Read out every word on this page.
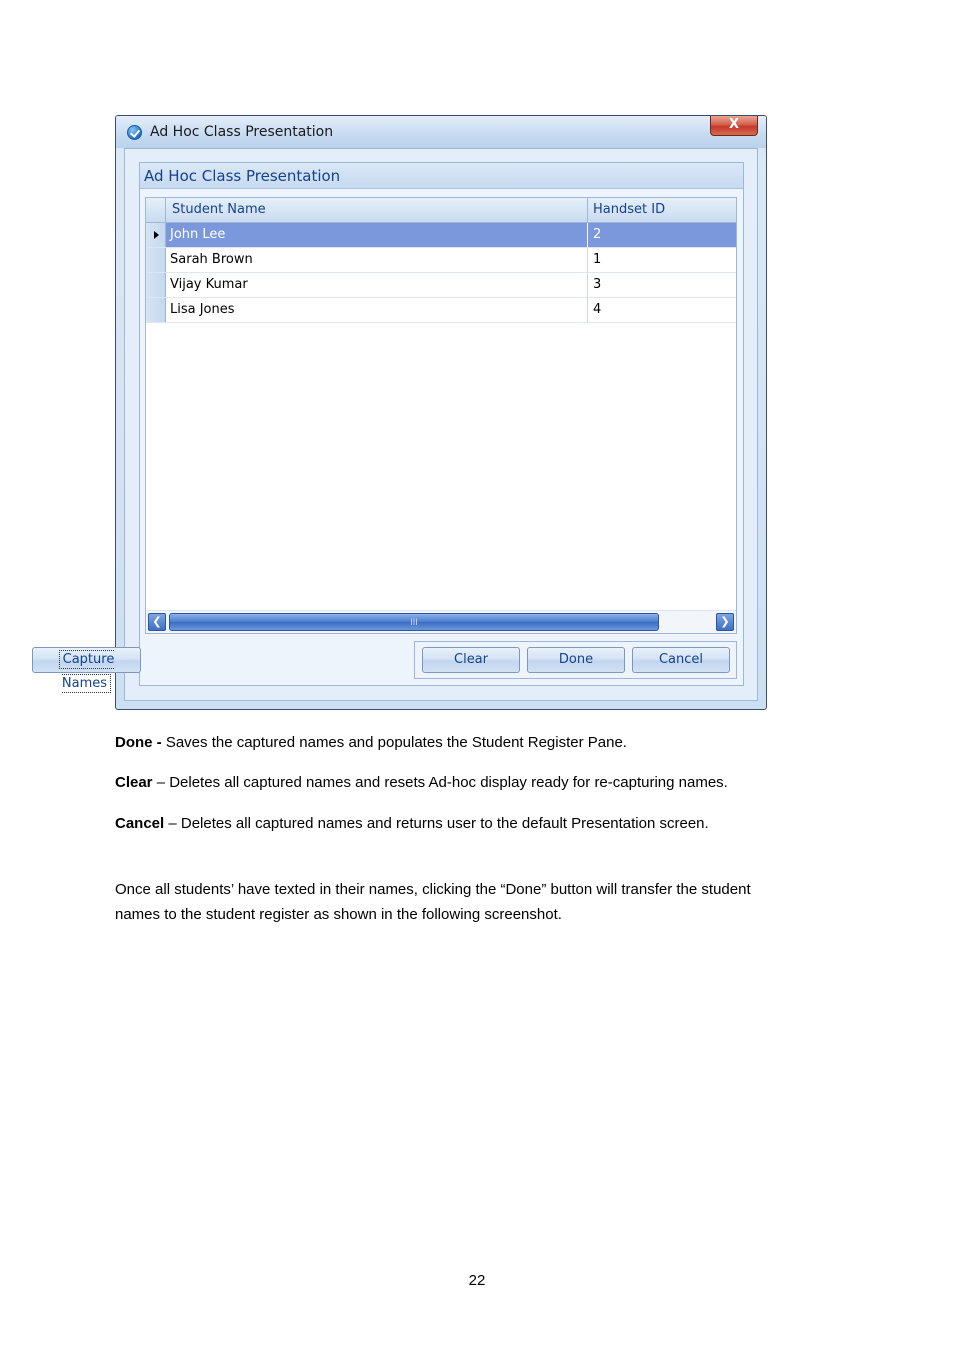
Ad Hoc Class Presentation	X
Ad Hoc Class Presentation
Student Name	Handset ID
John Lee	2
Sarah Brown	1
Vijay Kumar	3
Lisa Jones	4
❮	III	❯
Capture Names
Clear	Done	Cancel
Done - Saves the captured names and populates the Student Register Pane.
Clear – Deletes all captured names and resets Ad-hoc display ready for re-capturing names.
Cancel – Deletes all captured names and returns user to the default Presentation screen.
Once all students’ have texted in their names, clicking the “Done” button will transfer the student
names to the student register as shown in the following screenshot.
22
